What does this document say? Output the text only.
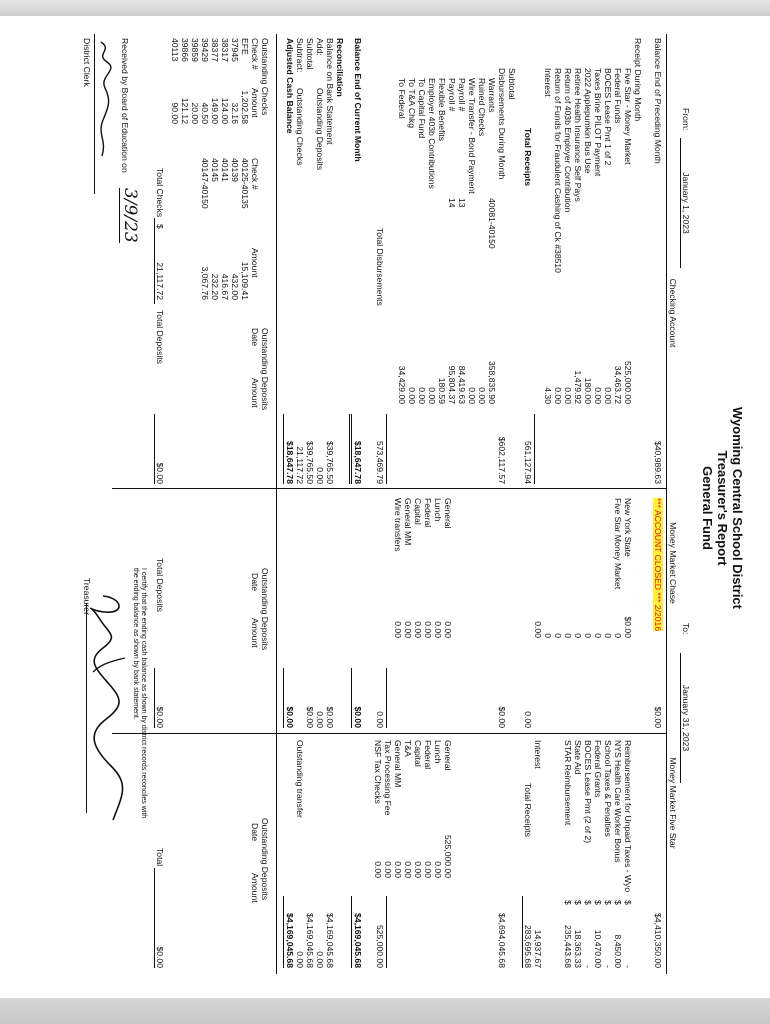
Wyoming Central School District
Treasurer's Report
General Fund
From:
January 1, 2023
To:
January 31, 2023
Checking Account
Money Market Chase
Money Market Five Star
Balance End of Preceding Month
$40,989.63
Receipt During Month
Five Star - Money Market
525,000.00
Federal Funds
34,463.72
BOCES Lease Pmt 1 of 2
0.00
Taxes Brine PILOT Payment
0.00
2022 Applepumkin Bus Use
180.00
Retiree Health Insurance Self Pays
1,479.92
Return of 403b Employer Contribution
0.00
Return of Funds for Fraudulent Cashing of Ck #38510
0.00
Interest
4.30
Total Receipts
561,127.94
Subtotal
$602,117.57
Disbursements During Month
Warrants
40081-40150
358,835.90
Ruined Checks
0.00
Wire Transfer - Bond Payment
0.00
Payroll #
13
84,419.63
Payroll #
14
95,804.37
Flexible Benefits
180.59
Employer 403b Contributions
0.00
To Capital Fund
0.00
To T&A Chkg
0.00
To Federal
34,429.00
Total Disbursements
573,469.79
Balance End of Current Month
$18,647.78
Reconciliation
Balance on Bank Statement
$39,765.50
Add:
Outstanding Deposits
0.00
Subtotal
$39,765.50
Subtract:
Outstanding Checks
21,117.72
Adjusted Cash Balance
$18,647.78
Outstanding Checks
Check #
Amount
Check #
Amount
EFE
1,202.58
40125-40135
15,109.41
37945
32.16
40139
432.00
38317
124.00
40141
416.67
38377
149.00
40145
232.20
39429
40.50
40147-40150
3,067.76
39859
20.00
39866
121.12
40113
90.00
Total Checks
$
21,117.72
Outstanding Deposits
Date
Amount
Total Deposits
$0.00
*** ACCOUNT CLOSED *** 2/2016
$0.00
New York State
$0.00
Five Star Money Market
0
0
0
0
0
0
0
0
0.00
0.00
$0.00
General
0.00
Lunch
0.00
Federal
0.00
Capital
0.00
General MM
0.00
Wire transfers
0.00
0.00
$0.00
$0.00
0.00
$0.00
$0.00
Outstanding Deposits
Date
Amount
Total Deposits
$0.00
$4,410,350.00
Reimbursement for Unpaid Taxes - Wyo
$
-
NYS Health Care Worker Bonus
$
8,450.00
School Taxes & Penalties
$
-
Federal Grants
$
10,470.00
BOCES Lease Pmt (2 of 2)
$
-
State Aid
$
18,363.33
STAR Reimbursement
$
235,443.68
Interest
14,937.67
Total Receipts
283,695.68
$4,694,045.68
General
525,000.00
Lunch
0.00
Federal
0.00
Capital
0.00
T&A
0.00
General MM
0.00
Tax Processing Fee
0.00
NSF Tax Checks
0.00
525,000.00
$4,169,045.68
$4,169,045.68
0.00
$4,169,045.68
Outstanding transfer
0.00
$4,169,045.68
Outstanding Deposits
Date
Amount
Total
$0.00
Received by Board of Education on
3/9/23
District Clerk
I certify that the ending cash balance as shown by district records reconciles with the ending balance as shown by bank statement.
Treasurer
